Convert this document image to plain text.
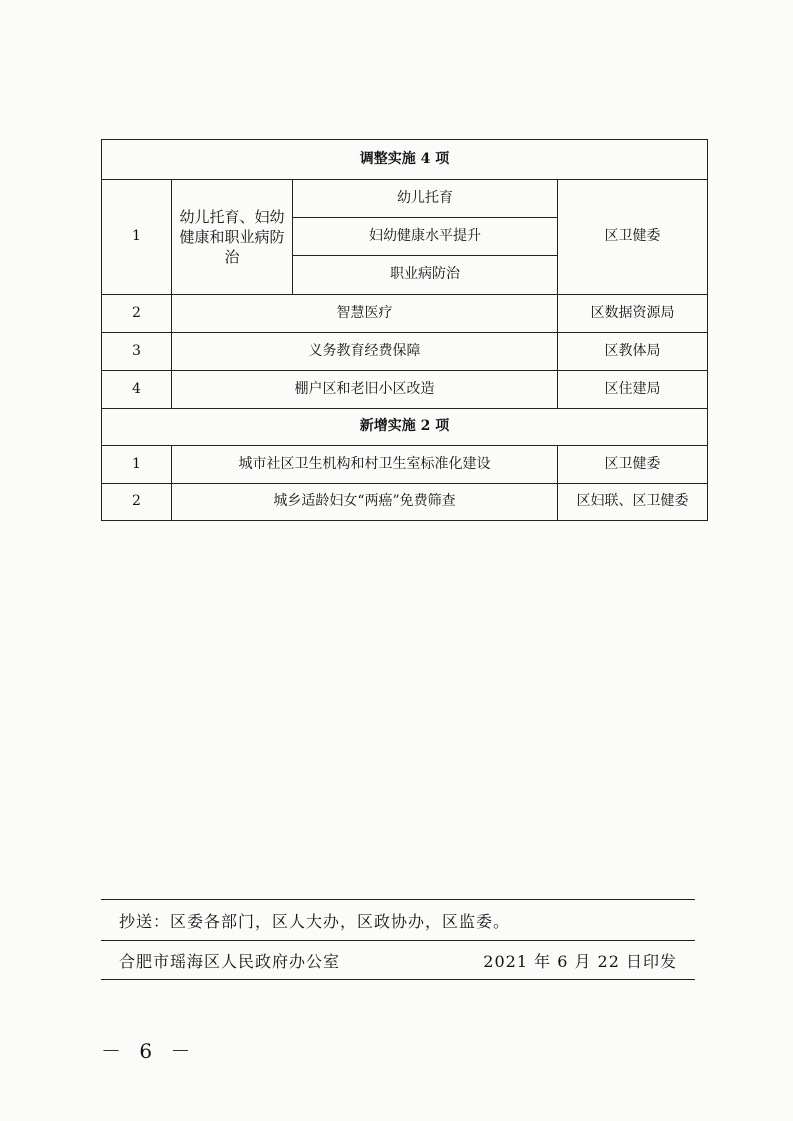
调整实施 4 项			
1	幼儿托育、妇幼健康和职业病防治	幼儿托育	区卫健委
		妇幼健康水平提升	
		职业病防治	
2	智慧医疗		区数据资源局
3	义务教育经费保障		区教体局
4	棚户区和老旧小区改造		区住建局
新增实施 2 项			
1	城市社区卫生机构和村卫生室标准化建设		区卫健委
2	城乡适龄妇女“两癌”免费筛查		区妇联、区卫健委
抄送：区委各部门，区人大办，区政协办，区监委。
合肥市瑶海区人民政府办公室	2021 年 6 月 22 日印发
－ 6 －
